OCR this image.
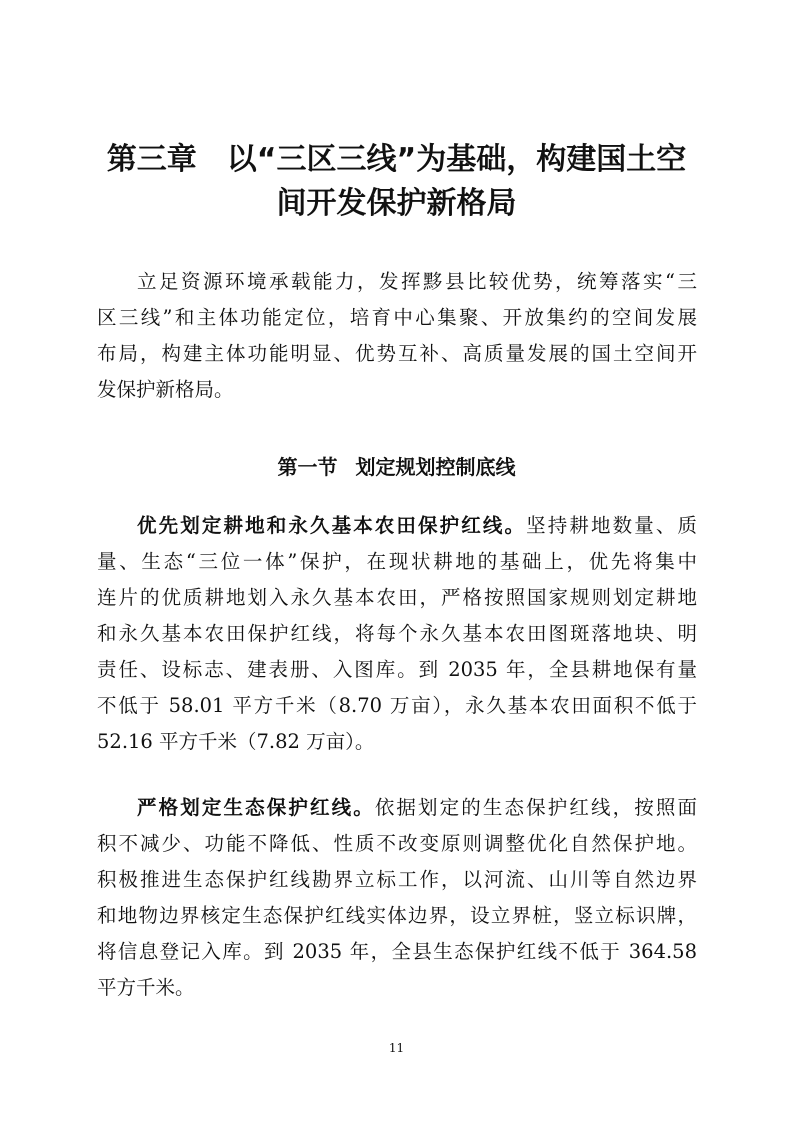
第三章　以“三区三线”为基础，构建国土空
间开发保护新格局
立足资源环境承载能力，发挥黟县比较优势，统筹落实“三
区三线”和主体功能定位，培育中心集聚、开放集约的空间发展
布局，构建主体功能明显、优势互补、高质量发展的国土空间开
发保护新格局。
第一节 划定规划控制底线
优先划定耕地和永久基本农田保护红线。坚持耕地数量、质
量、生态“三位一体”保护，在现状耕地的基础上，优先将集中
连片的优质耕地划入永久基本农田，严格按照国家规则划定耕地
和永久基本农田保护红线，将每个永久基本农田图斑落地块、明
责任、设标志、建表册、入图库。到 2035 年，全县耕地保有量
不低于 58.01 平方千米（8.70 万亩），永久基本农田面积不低于
52.16 平方千米（7.82 万亩）。
严格划定生态保护红线。依据划定的生态保护红线，按照面
积不减少、功能不降低、性质不改变原则调整优化自然保护地。
积极推进生态保护红线勘界立标工作，以河流、山川等自然边界
和地物边界核定生态保护红线实体边界，设立界桩，竖立标识牌，
将信息登记入库。到 2035 年，全县生态保护红线不低于 364.58
平方千米。
11
